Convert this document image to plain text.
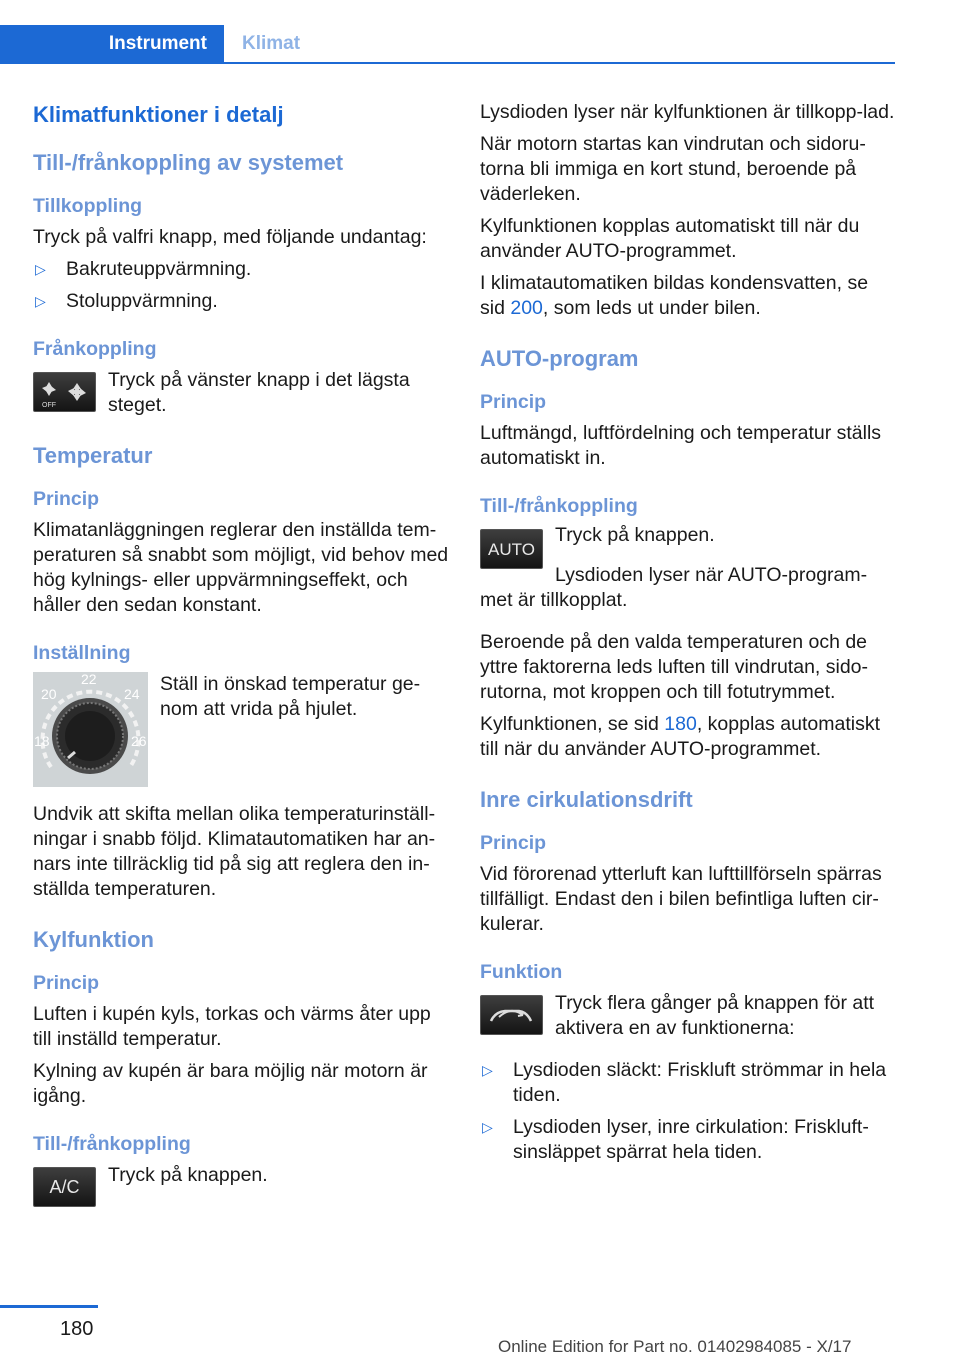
Instrument	Klimat
Klimatfunktioner i detalj
Till-/frånkoppling av systemet
Tillkoppling

Tryck på valfri knapp, med följande undantag:

▷ Bakruteuppvärmning.
▷ Stoluppvärmning.
Frånkoppling
OFF
Tryck på vänster knapp i det lägsta steget.
Temperatur
Princip

Klimatanläggningen reglerar den inställda tem‐peraturen så snabbt som möjligt, vid behov med hög kylnings- eller uppvärmningseffekt, och håller den sedan konstant.

Inställning
20
22
24
18	26
Ställ in önskad temperatur ge‐nom att vrida på hjulet.

Undvik att skifta mellan olika temperaturinställ‐ningar i snabb följd. Klimatautomatiken har an‐nars inte tillräcklig tid på sig att reglera den in‐ställda temperaturen.

Kylfunktion
Princip

Luften i kupén kyls, torkas och värms åter upp till inställd temperatur.

Kylning av kupén är bara möjlig när motorn är igång.

Till-/frånkoppling
A/C
Tryck på knappen.

Lysdioden lyser när kylfunktionen är tillkopp‐lad.

När motorn startas kan vindrutan och sidoru‐torna bli immiga en kort stund, beroende på väderleken.

Kylfunktionen kopplas automatiskt till när du använder AUTO-programmet.

I klimatautomatiken bildas kondensvatten, se sid 200, som leds ut under bilen.

AUTO-program
Princip

Luftmängd, luftfördelning och temperatur ställs automatiskt in.

Till-/frånkoppling
AUTO
Tryck på knappen.

Lysdioden lyser när AUTO-program‐met är tillkopplat.

Beroende på den valda temperaturen och de yttre faktorerna leds luften till vindrutan, sido‐rutorna, mot kroppen och till fotutrymmet.

Kylfunktionen, se sid 180, kopplas automatiskt till när du använder AUTO-programmet.

Inre cirkulationsdrift
Princip

Vid förorenad ytterluft kan lufttillförseln spärras tillfälligt. Endast den i bilen befintliga luften cir‐kulerar.

Funktion
Tryck flera gånger på knappen för att aktivera en av funktionerna:
▷ Lysdioden släckt: Friskluft strömmar in hela tiden.
▷ Lysdioden lyser, inre cirkulation: Friskluft‐sinsläppet spärrat hela tiden.
180
Online Edition for Part no. 01402984085 - X/17
